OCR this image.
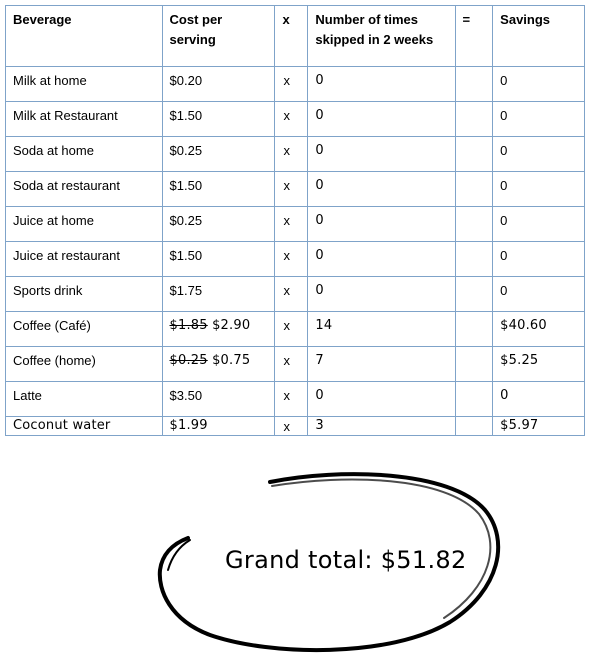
Beverage	Cost per serving	x	Number of times skipped in 2 weeks	=	Savings
Milk at home	$0.20	x	0		0
Milk at Restaurant	$1.50	x	0		0
Soda at home	$0.25	x	0		0
Soda at restaurant	$1.50	x	0		0
Juice at home	$0.25	x	0		0
Juice at restaurant	$1.50	x	0		0
Sports drink	$1.75	x	0		0
Coffee (Café)	$1.85 $2.90	x	14		$40.60
Coffee (home)	$0.25 $0.75	x	7		$5.25
Latte	$3.50	x	0		0
Coconut water	$1.99	x	3		$5.97
Grand total: $51.82
